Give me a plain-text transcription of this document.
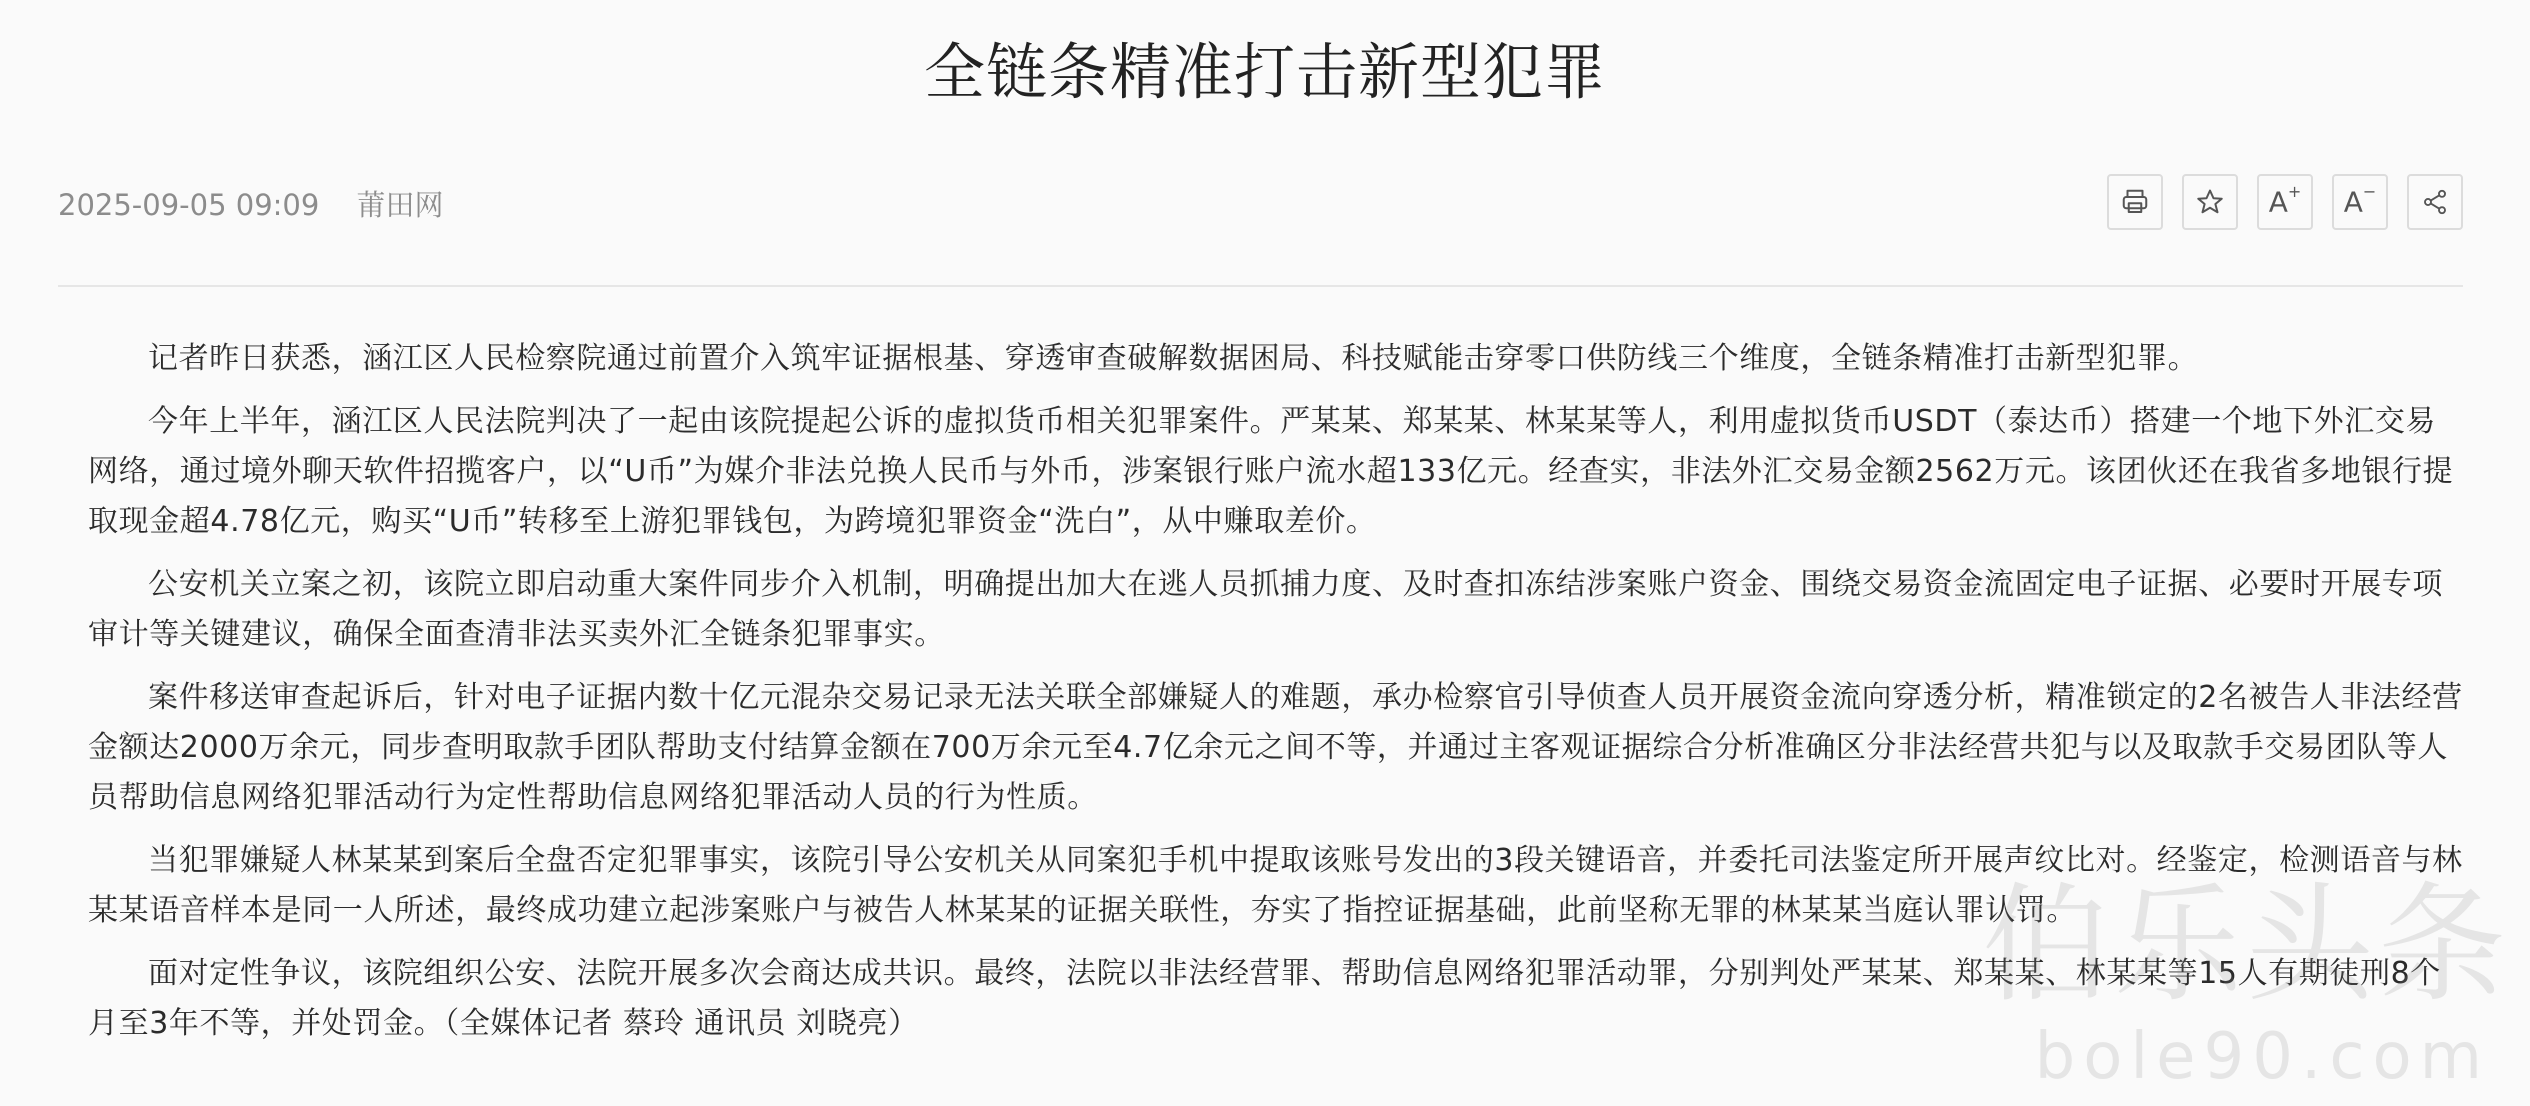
全链条精准打击新型犯罪
2025-09-05 09:09 莆田网	A+ A−

记者昨日获悉，涵江区人民检察院通过前置介入筑牢证据根基、穿透审查破解数据困局、科技赋能击穿零口供防线三个维度，全链条精准打击新型犯罪。

今年上半年，涵江区人民法院判决了一起由该院提起公诉的虚拟货币相关犯罪案件。严某某、郑某某、林某某等人，利用虚拟货币USDT（泰达币）搭建一个地下外汇交易网络，通过境外聊天软件招揽客户，以“U币”为媒介非法兑换人民币与外币，涉案银行账户流水超133亿元。经查实，非法外汇交易金额2562万元。该团伙还在我省多地银行提取现金超4.78亿元，购买“U币”转移至上游犯罪钱包，为跨境犯罪资金“洗白”，从中赚取差价。

公安机关立案之初，该院立即启动重大案件同步介入机制，明确提出加大在逃人员抓捕力度、及时查扣冻结涉案账户资金、围绕交易资金流固定电子证据、必要时开展专项审计等关键建议，确保全面查清非法买卖外汇全链条犯罪事实。

案件移送审查起诉后，针对电子证据内数十亿元混杂交易记录无法关联全部嫌疑人的难题，承办检察官引导侦查人员开展资金流向穿透分析，精准锁定的2名被告人非法经营金额达2000万余元，同步查明取款手团队帮助支付结算金额在700万余元至4.7亿余元之间不等，并通过主客观证据综合分析准确区分非法经营共犯与以及取款手交易团队等人员帮助信息网络犯罪活动行为定性帮助信息网络犯罪活动人员的行为性质。

当犯罪嫌疑人林某某到案后全盘否定犯罪事实，该院引导公安机关从同案犯手机中提取该账号发出的3段关键语音，并委托司法鉴定所开展声纹比对。经鉴定，检测语音与林某某语音样本是同一人所述，最终成功建立起涉案账户与被告人林某某的证据关联性，夯实了指控证据基础，此前坚称无罪的林某某当庭认罪认罚。

面对定性争议，该院组织公安、法院开展多次会商达成共识。最终，法院以非法经营罪、帮助信息网络犯罪活动罪，分别判处严某某、郑某某、林某某等15人有期徒刑8个月至3年不等，并处罚金。（全媒体记者 蔡玲 通讯员 刘晓亮）

伯乐头条
bole90.com
